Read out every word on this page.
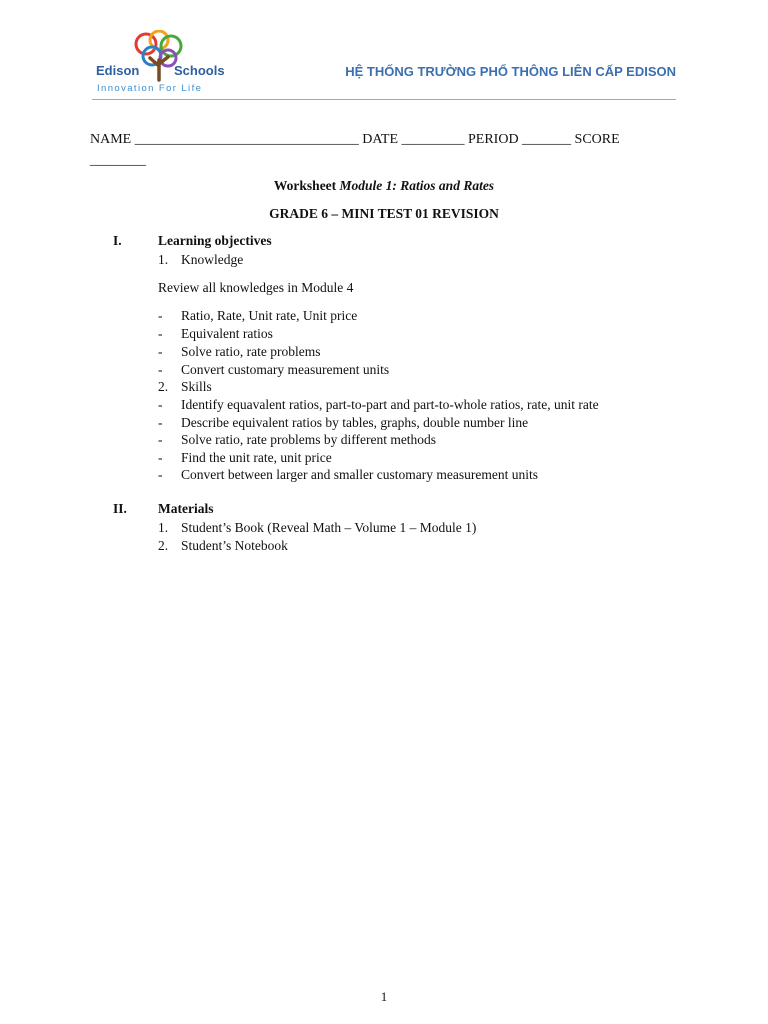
Edison	Schools
Innovation For Life
HỆ THỐNG TRƯỜNG PHỔ THÔNG LIÊN CẤP EDISON
NAME ________________________________ DATE _________ PERIOD _______ SCORE
________
Worksheet Module 1: Ratios and Rates
GRADE 6 – MINI TEST 01 REVISION
I.	Learning objectives
1. Knowledge
Review all knowledges in Module 4
- Ratio, Rate, Unit rate, Unit price
- Equivalent ratios
- Solve ratio, rate problems
- Convert customary measurement units
2. Skills
- Identify equavalent ratios, part-to-part and part-to-whole ratios, rate, unit rate
- Describe equivalent ratios by tables, graphs, double number line
- Solve ratio, rate problems by different methods
- Find the unit rate, unit price
- Convert between larger and smaller customary measurement units
II. Materials
1. Student’s Book (Reveal Math – Volume 1 – Module 1)
2. Student’s Notebook
1
